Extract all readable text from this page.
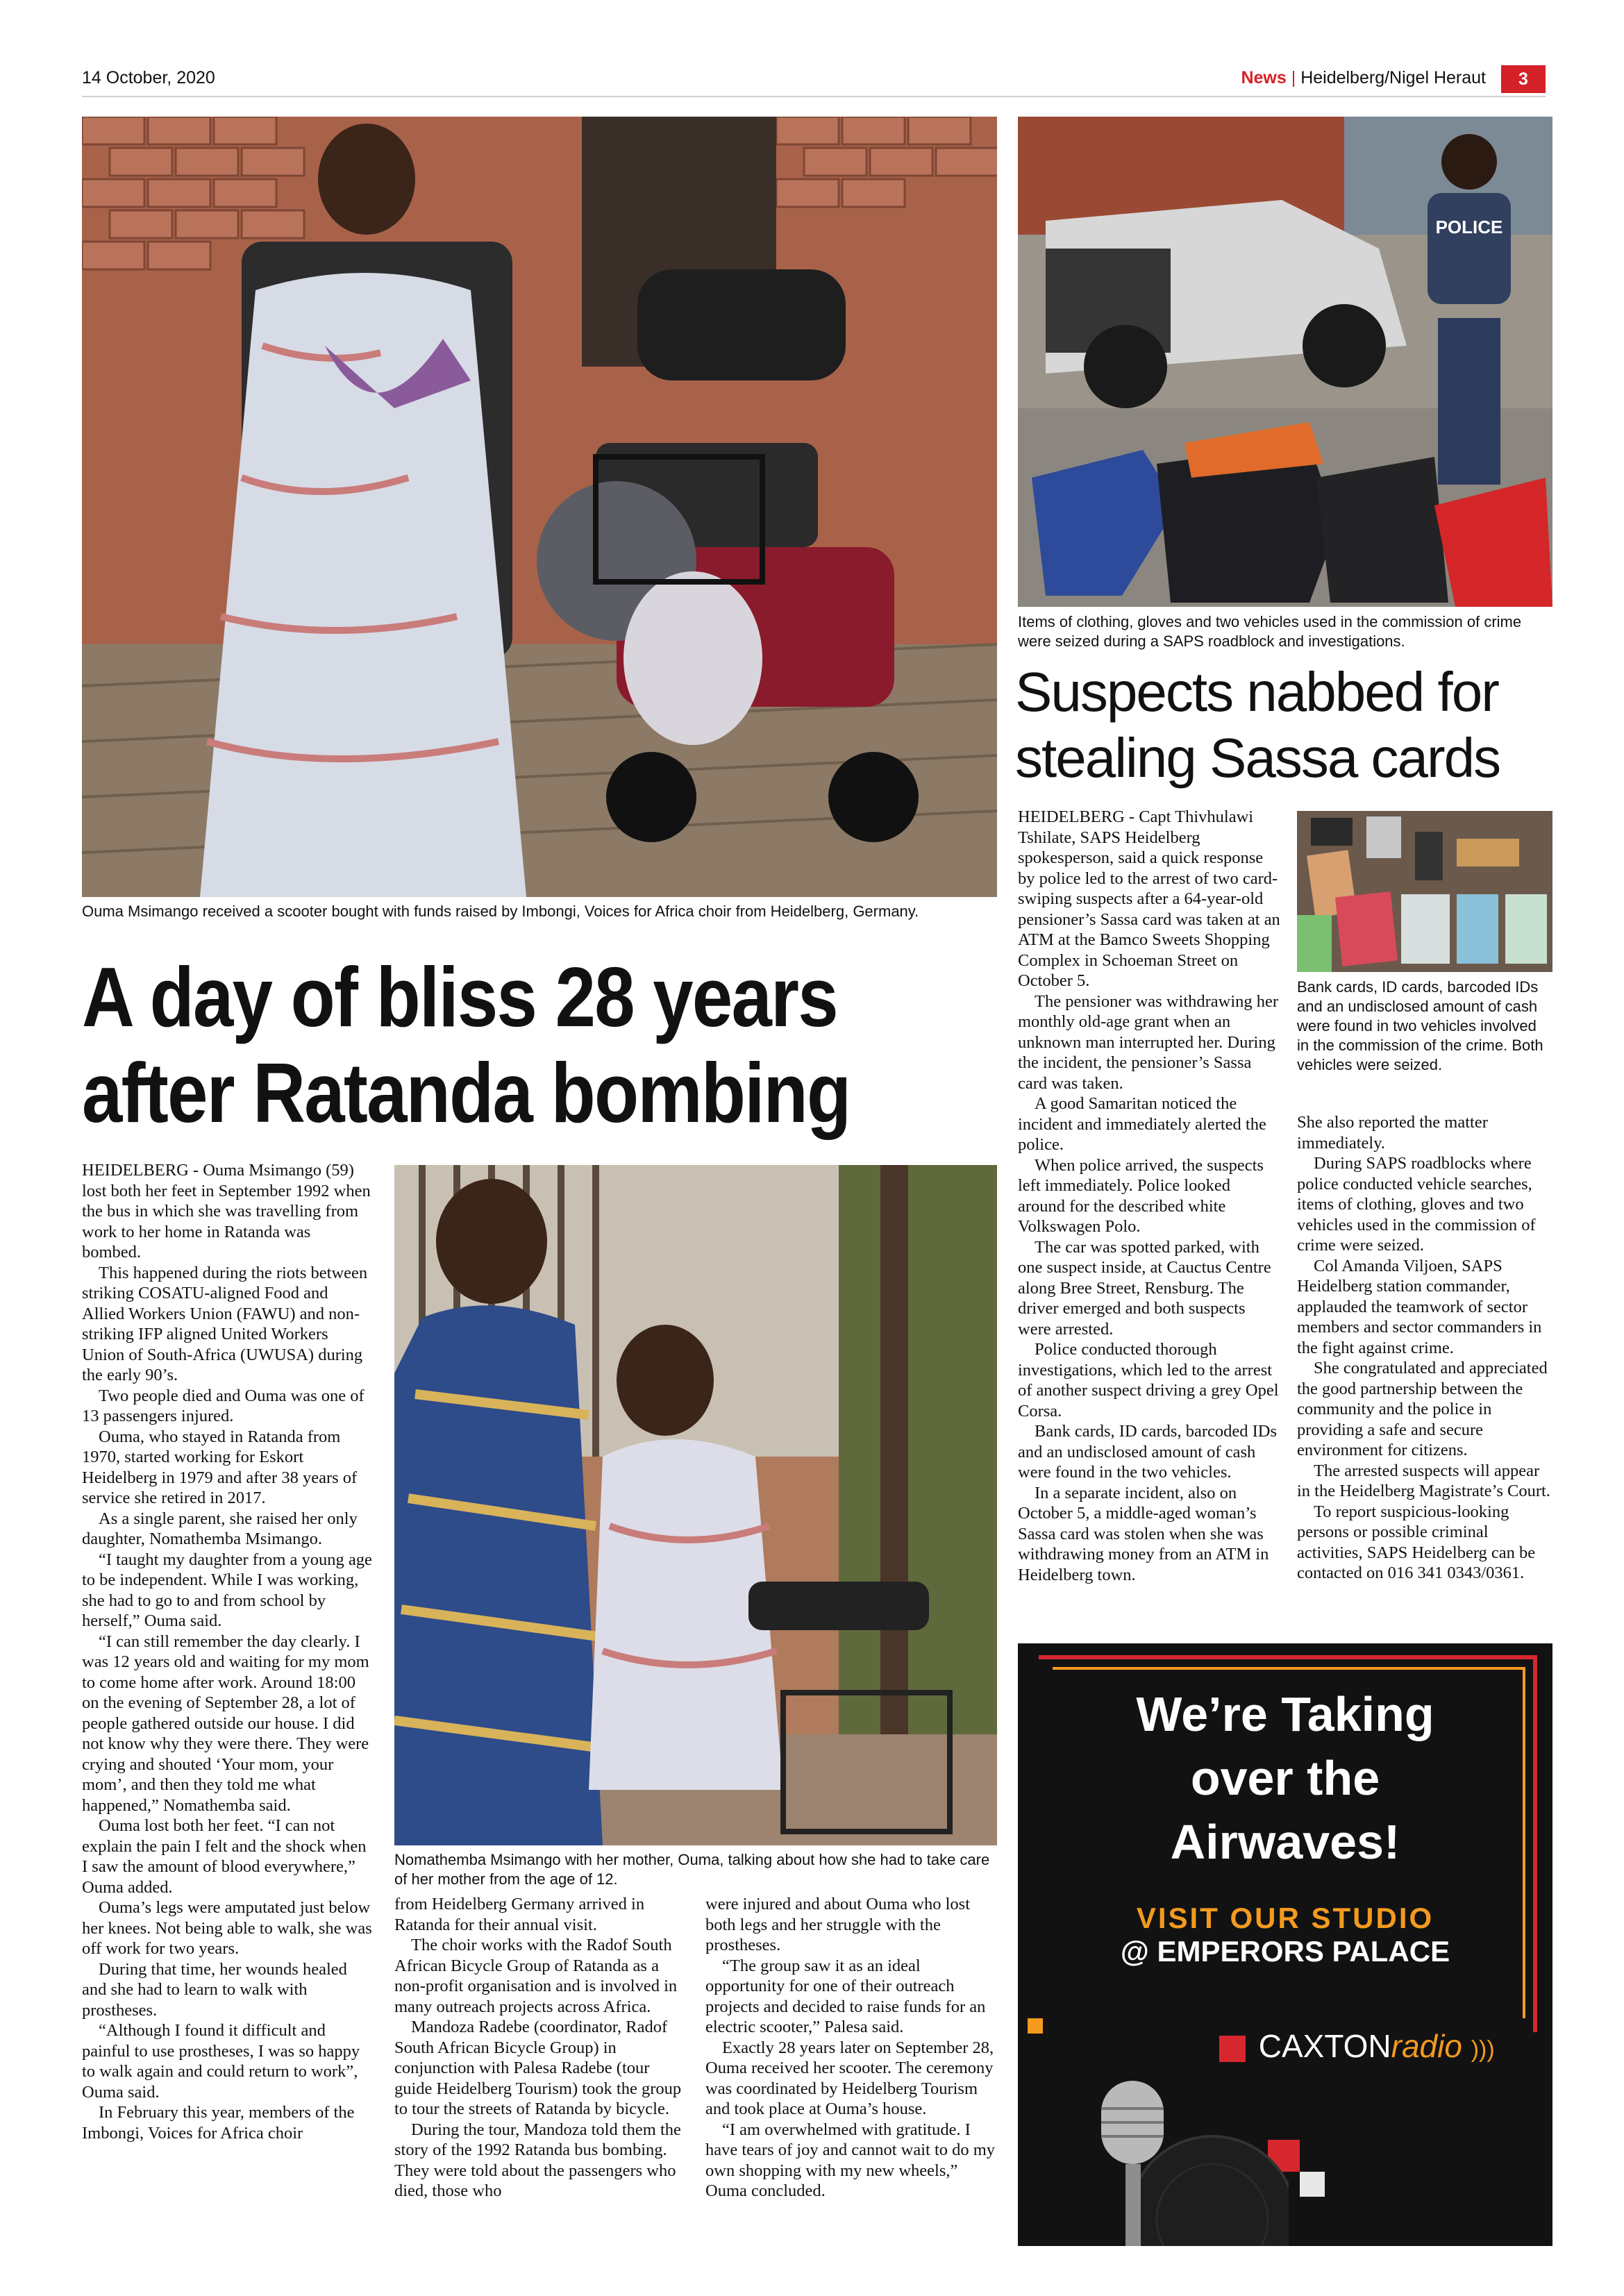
14 October, 2020	News | Heidelberg/Nigel Heraut	3
Ouma Msimango received a scooter bought with funds raised by Imbongi, Voices for Africa choir from Heidelberg, Germany.
A day of bliss 28 years
after Ratanda bombing
Nomathemba Msimango with her mother, Ouma, talking about how she had to take care of her mother from the age of 12.

HEIDELBERG - Ouma Msimango (59) lost both her feet in September 1992 when the bus in which she was travelling from work to her home in Ratanda was bombed.

This happened during the riots between striking COSATU-aligned Food and Allied Workers Union (FAWU) and non-striking IFP aligned United Workers Union of South-Africa (UWUSA) during the early 90’s.

Two people died and Ouma was one of 13 passengers injured.

Ouma, who stayed in Ratanda from 1970, started working for Eskort Heidelberg in 1979 and after 38 years of service she retired in 2017.

As a single parent, she raised her only daughter, Nomathemba Msimango.

“I taught my daughter from a young age to be independent. While I was working, she had to go to and from school by herself,” Ouma said.

“I can still remember the day clearly. I was 12 years old and waiting for my mom to come home after work. Around 18:00 on the evening of September 28, a lot of people gathered outside our house. I did not know why they were there. They were crying and shouted ‘Your mom, your mom’, and then they told me what happened,” Nomathemba said.

Ouma lost both her feet. “I can not explain the pain I felt and the shock when I saw the amount of blood everywhere,” Ouma added.

Ouma’s legs were amputated just below her knees. Not being able to walk, she was off work for two years.

During that time, her wounds healed and she had to learn to walk with prostheses.

“Although I found it difficult and painful to use prostheses, I was so happy to walk again and could return to work”, Ouma said.

In February this year, members of the Imbongi, Voices for Africa choir

from Heidelberg Germany arrived in Ratanda for their annual visit.

The choir works with the Radof South African Bicycle Group of Ratanda as a non-profit organisation and is involved in many outreach projects across Africa.

Mandoza Radebe (coordinator, Radof South African Bicycle Group) in conjunction with Palesa Radebe (tour guide Heidelberg Tourism) took the group to tour the streets of Ratanda by bicycle.

During the tour, Mandoza told them the story of the 1992 Ratanda bus bombing. They were told about the passengers who died, those who

were injured and about Ouma who lost both legs and her struggle with the prostheses.

“The group saw it as an ideal opportunity for one of their outreach projects and decided to raise funds for an electric scooter,” Palesa said.

Exactly 28 years later on September 28, Ouma received her scooter. The ceremony was coordinated by Heidelberg Tourism and took place at Ouma’s house.

“I am overwhelmed with gratitude. I have tears of joy and cannot wait to do my own shopping with my new wheels,” Ouma concluded.

POLICE
Items of clothing, gloves and two vehicles used in the commission of crime were seized during a SAPS roadblock and investigations.
Suspects nabbed for
stealing Sassa cards
Bank cards, ID cards, barcoded IDs and an undisclosed amount of cash were found in two vehicles involved in the commission of the crime. Both vehicles were seized.

HEIDELBERG - Capt Thivhulawi Tshilate, SAPS Heidelberg spokesperson, said a quick response by police led to the arrest of two card-swiping suspects after a 64-year-old pensioner’s Sassa card was taken at an ATM at the Bamco Sweets Shopping Complex in Schoeman Street on October 5.

The pensioner was withdrawing her monthly old-age grant when an unknown man interrupted her. During the incident, the pensioner’s Sassa card was taken.

A good Samaritan noticed the incident and immediately alerted the police.

When police arrived, the suspects left immediately. Police looked around for the described white Volkswagen Polo.

The car was spotted parked, with one suspect inside, at Cauctus Centre along Bree Street, Rensburg. The driver emerged and both suspects were arrested.

Police conducted thorough investigations, which led to the arrest of another suspect driving a grey Opel Corsa.

Bank cards, ID cards, barcoded IDs and an undisclosed amount of cash were found in the two vehicles.

In a separate incident, also on October 5, a middle-aged woman’s Sassa card was stolen when she was withdrawing money from an ATM in Heidelberg town.

She also reported the matter immediately.

During SAPS roadblocks where police conducted vehicle searches, items of clothing, gloves and two vehicles used in the commission of crime were seized.

Col Amanda Viljoen, SAPS Heidelberg station commander, applauded the teamwork of sector members and sector commanders in the fight against crime.

She congratulated and appreciated the good partnership between the community and the police in providing a safe and secure environment for citizens.

The arrested suspects will appear in the Heidelberg Magistrate’s Court.

To report suspicious-looking persons or possible criminal activities, SAPS Heidelberg can be contacted on 016 341 0343/0361.

We’re Taking
over the
Airwaves!
VISIT OUR STUDIO
@ EMPERORS PALACE
CAXTONradio )))
